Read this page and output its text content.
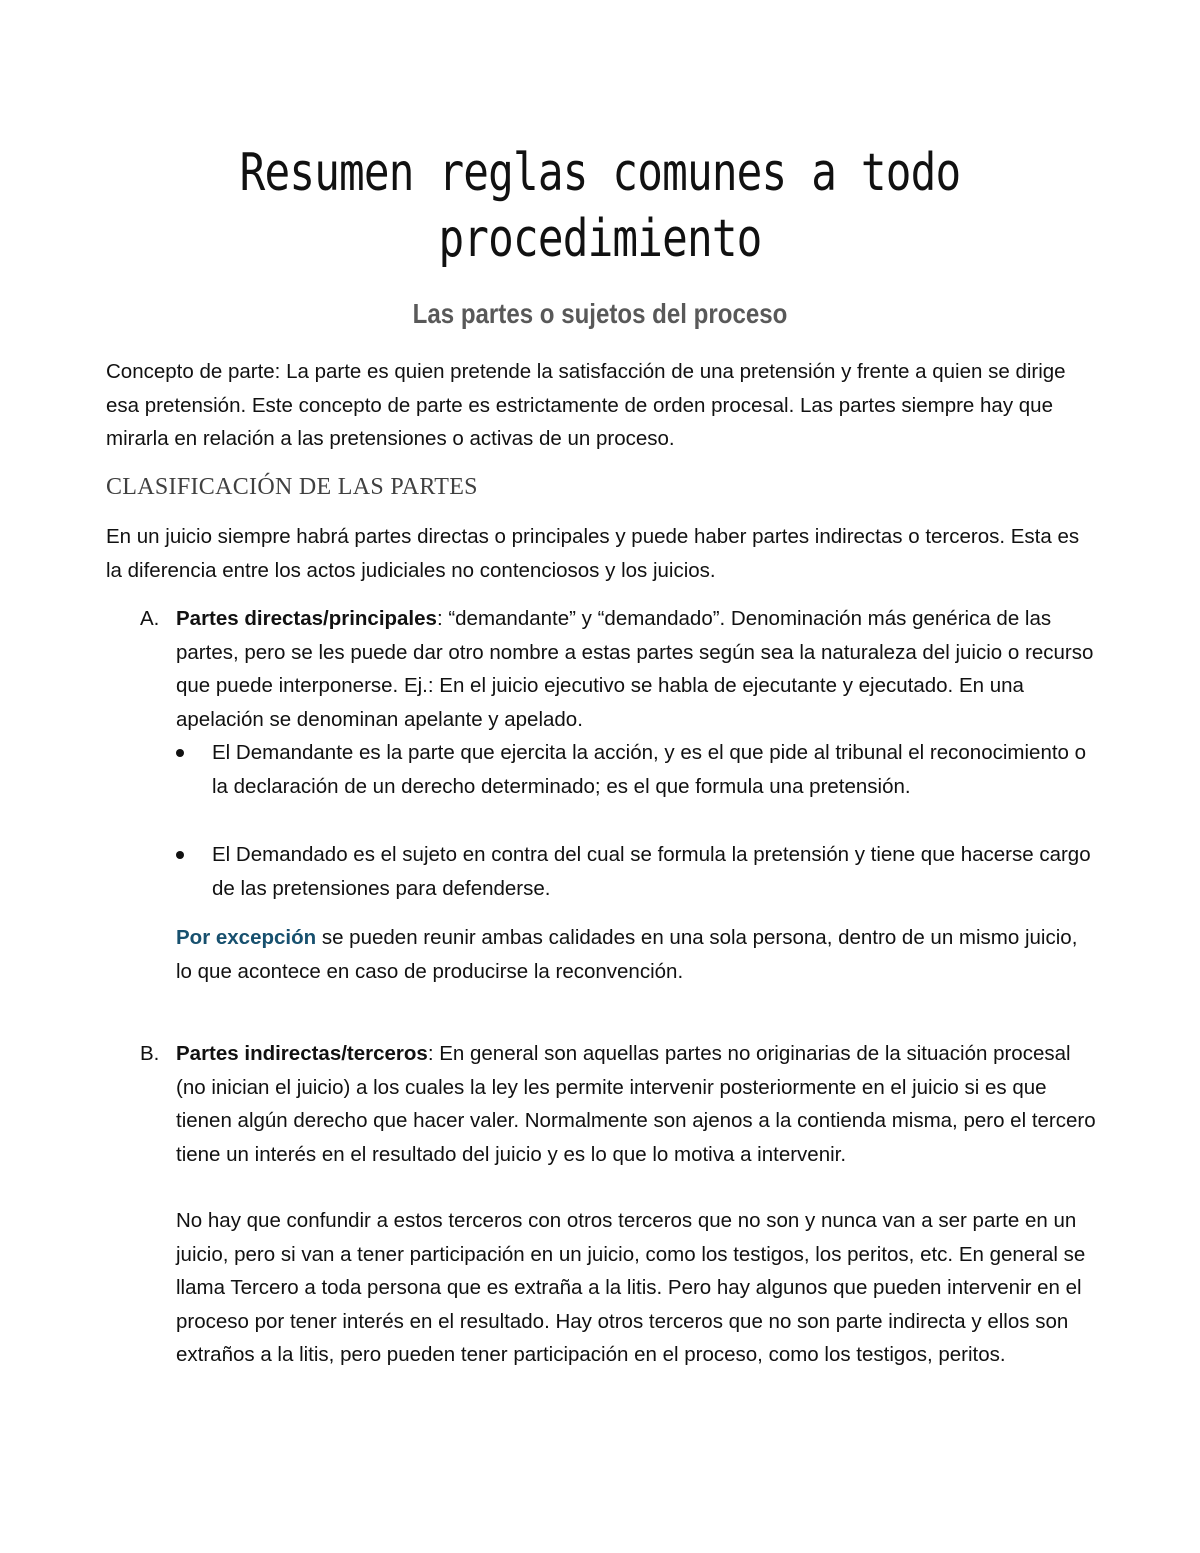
Resumen reglas comunes a todo procedimiento
Las partes o sujetos del proceso

Concepto de parte: La parte es quien pretende la satisfacción de una pretensión y frente a quien se dirige esa pretensión. Este concepto de parte es estrictamente de orden procesal. Las partes siempre hay que mirarla en relación a las pretensiones o activas de un proceso.

CLASIFICACIÓN DE LAS PARTES

En un juicio siempre habrá partes directas o principales y puede haber partes indirectas o terceros. Esta es la diferencia entre los actos judiciales no contenciosos y los juicios.

A. Partes directas/principales: “demandante” y “demandado”. Denominación más genérica de las partes, pero se les puede dar otro nombre a estas partes según sea la naturaleza del juicio o recurso que puede interponerse. Ej.: En el juicio ejecutivo se habla de ejecutante y ejecutado. En una apelación se denominan apelante y apelado.
El Demandante es la parte que ejercita la acción, y es el que pide al tribunal el reconocimiento o la declaración de un derecho determinado; es el que formula una pretensión.
El Demandado es el sujeto en contra del cual se formula la pretensión y tiene que hacerse cargo de las pretensiones para defenderse.

Por excepción se pueden reunir ambas calidades en una sola persona, dentro de un mismo juicio, lo que acontece en caso de producirse la reconvención.

B. Partes indirectas/terceros: En general son aquellas partes no originarias de la situación procesal (no inician el juicio) a los cuales la ley les permite intervenir posteriormente en el juicio si es que tienen algún derecho que hacer valer. Normalmente son ajenos a la contienda misma, pero el tercero tiene un interés en el resultado del juicio y es lo que lo motiva a intervenir.

No hay que confundir a estos terceros con otros terceros que no son y nunca van a ser parte en un juicio, pero si van a tener participación en un juicio, como los testigos, los peritos, etc. En general se llama Tercero a toda persona que es extraña a la litis. Pero hay algunos que pueden intervenir en el proceso por tener interés en el resultado. Hay otros terceros que no son parte indirecta y ellos son extraños a la litis, pero pueden tener participación en el proceso, como los testigos, peritos.
